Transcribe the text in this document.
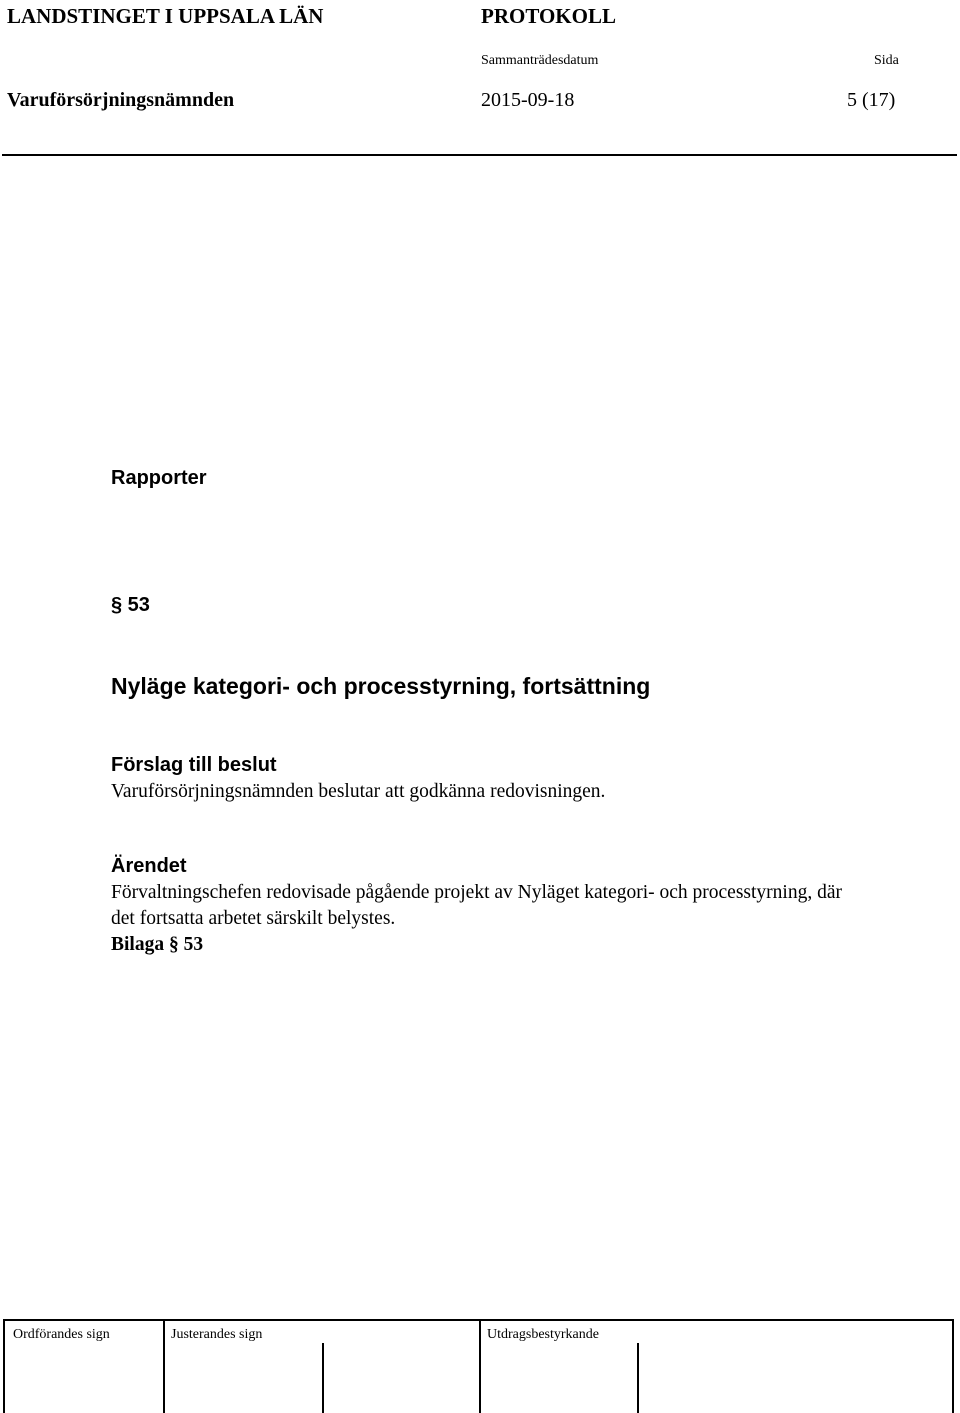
LANDSTINGET I UPPSALA LÄN	PROTOKOLL
Sammanträdesdatum	Sida
Varuförsörjningsnämnden	2015-09-18	5 (17)
Rapporter
§ 53
Nyläge kategori- och processtyrning, fortsättning
Förslag till beslut
Varuförsörjningsnämnden beslutar att godkänna redovisningen.
Ärendet
Förvaltningschefen redovisade pågående projekt av Nyläget kategori- och processtyrning, där
det fortsatta arbetet särskilt belystes.
Bilaga § 53
Ordförandes sign	Justerandes sign	Utdragsbestyrkande
